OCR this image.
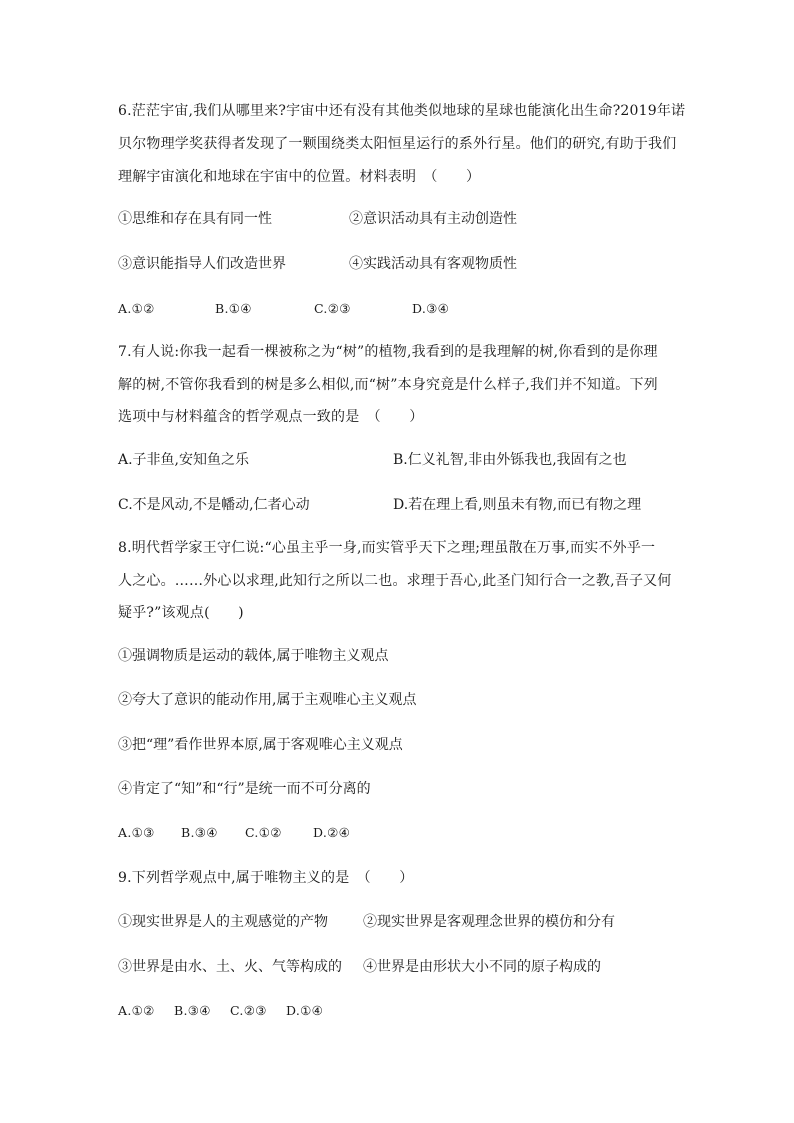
6.茫茫宇宙,我们从哪里来?宇宙中还有没有其他类似地球的星球也能演化出生命?2019年诺
贝尔物理学奖获得者发现了一颗围绕类太阳恒星运行的系外行星。他们的研究,有助于我们
理解宇宙演化和地球在宇宙中的位置。材料表明　（　　）
①思维和存在具有同一性	②意识活动具有主动创造性
③意识能指导人们改造世界	④实践活动具有客观物质性
A.①②	B.①④	C.②③	D.③④
7.有人说:你我一起看一棵被称之为“树”的植物,我看到的是我理解的树,你看到的是你理
解的树,不管你我看到的树是多么相似,而“树”本身究竟是什么样子,我们并不知道。下列
选项中与材料蕴含的哲学观点一致的是　（　　）
A.子非鱼,安知鱼之乐	B.仁义礼智,非由外铄我也,我固有之也
C.不是风动,不是幡动,仁者心动	D.若在理上看,则虽未有物,而已有物之理
8.明代哲学家王守仁说:“心虽主乎一身,而实管乎天下之理;理虽散在万事,而实不外乎一
人之心。……外心以求理,此知行之所以二也。求理于吾心,此圣门知行合一之教,吾子又何
疑乎?”该观点(　　)
①强调物质是运动的载体,属于唯物主义观点
②夸大了意识的能动作用,属于主观唯心主义观点
③把“理”看作世界本原,属于客观唯心主义观点
④肯定了“知”和“行”是统一而不可分离的
A.①③ B.③④ C.①②	D.②④
9.下列哲学观点中,属于唯物主义的是　（　　）
①现实世界是人的主观感觉的产物	②现实世界是客观理念世界的模仿和分有
③世界是由水、土、火、气等构成的 ④世界是由形状大小不同的原子构成的
A.①② B.③④ C.②③ D.①④
